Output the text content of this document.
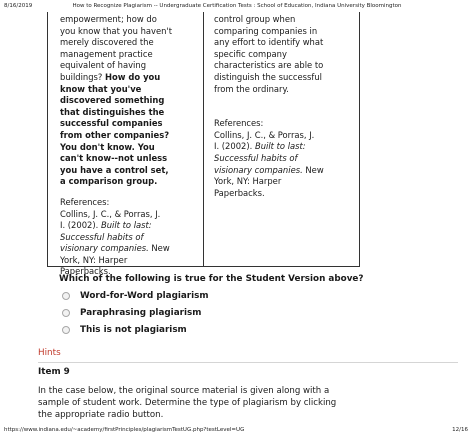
8/16/2019	How to Recognize Plagiarism -- Undergraduate Certification Tests : School of Education, Indiana University Bloomington

empowerment; how do

you know that you haven't

merely discovered the

management practice

equivalent of having

buildings? How do you

know that you've

discovered something

that distinguishes the

successful companies

from other companies?

You don't know. You

can't know--not unless

you have a control set,

a comparison group.

References:

Collins, J. C., & Porras, J.

I. (2002). Built to last:

Successful habits of

visionary companies. New

York, NY: Harper

Paperbacks.

control group when

comparing companies in

any effort to identify what

specific company

characteristics are able to

distinguish the successful

from the ordinary.

References:

Collins, J. C., & Porras, J.

I. (2002). Built to last:

Successful habits of

visionary companies. New

York, NY: Harper

Paperbacks.

Which of the following is true for the Student Version above?
Word-for-Word plagiarism
Paraphrasing plagiarism
This is not plagiarism
Hints
Item 9

In the case below, the original source material is given along with a

sample of student work. Determine the type of plagiarism by clicking

the appropriate radio button.

https://www.indiana.edu/~academy/firstPrinciples/plagiarismTestUG.php?testLevel=UG	12/16
